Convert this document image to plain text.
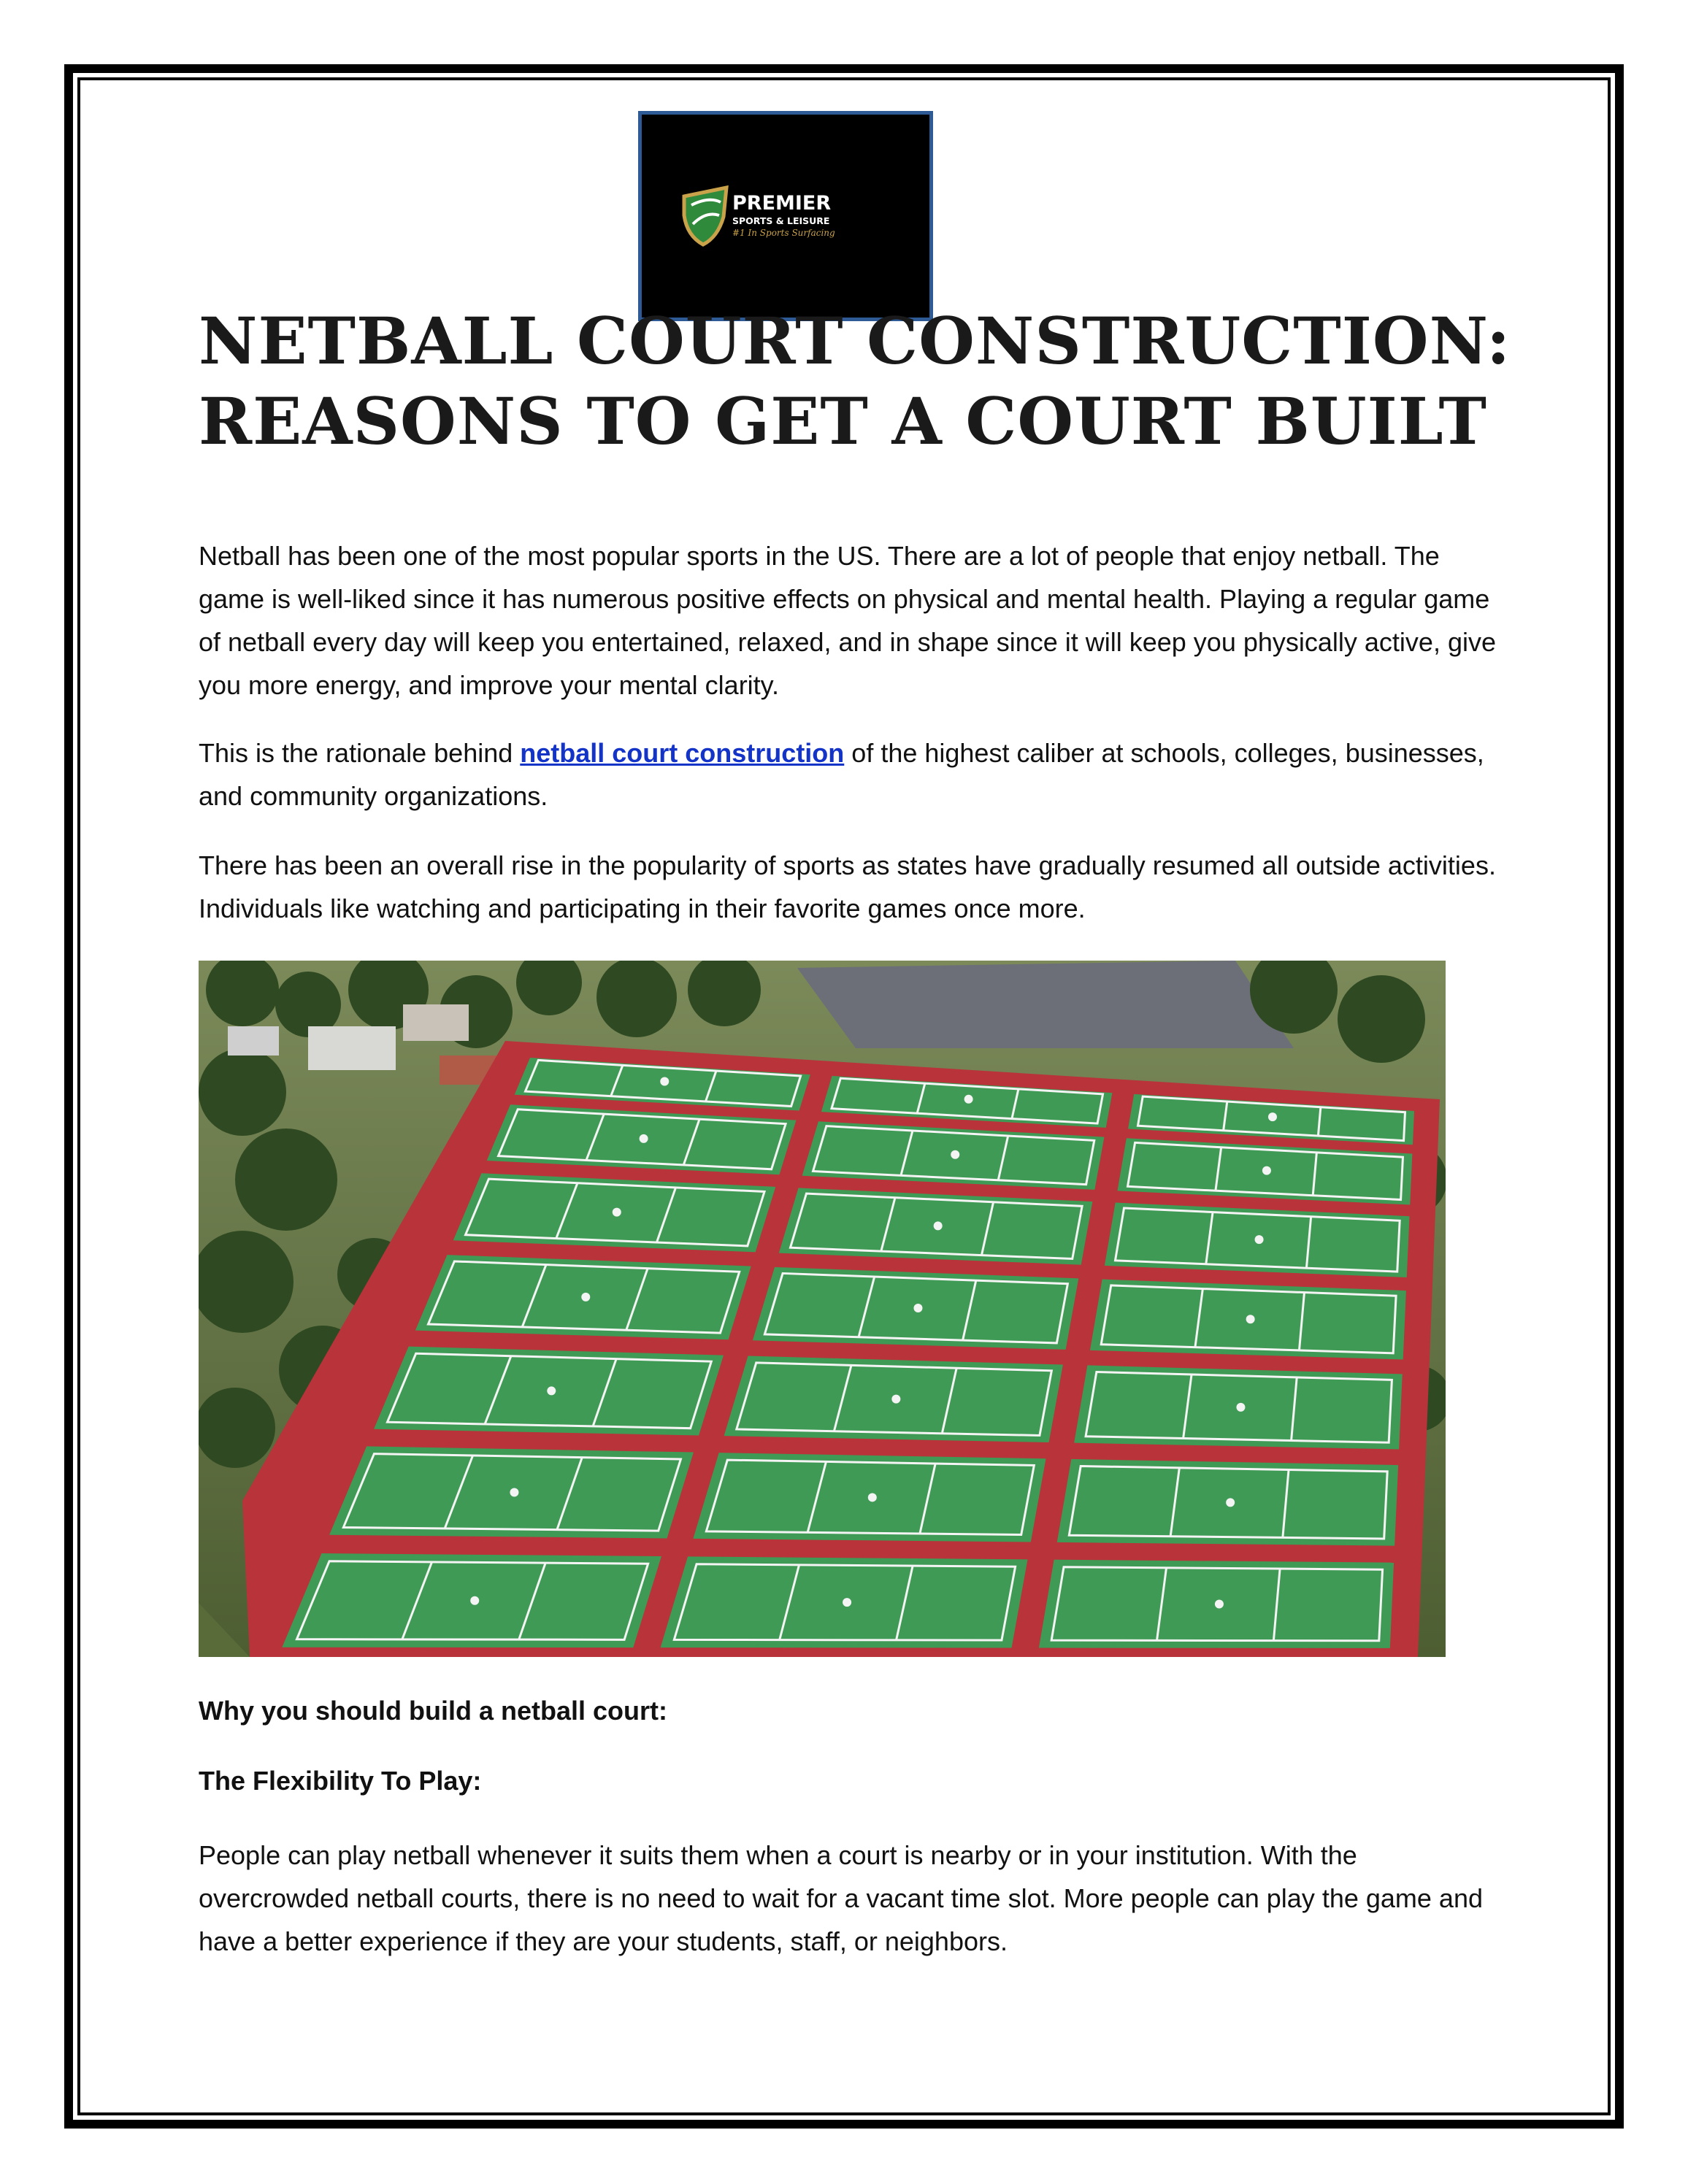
PREMIER
SPORTS & LEISURE
#1 In Sports Surfacing
NETBALL COURT CONSTRUCTION:
REASONS TO GET A COURT BUILT

Netball has been one of the most popular sports in the US. There are a lot of people that enjoy netball. The game is well-liked since it has numerous positive effects on physical and mental health. Playing a regular game of netball every day will keep you entertained, relaxed, and in shape since it will keep you physically active, give you more energy, and improve your mental clarity.

This is the rationale behind netball court construction of the highest caliber at schools, colleges, businesses, and community organizations.

There has been an overall rise in the popularity of sports as states have gradually resumed all outside activities. Individuals like watching and participating in their favorite games once more.

Why you should build a netball court:

The Flexibility To Play:

People can play netball whenever it suits them when a court is nearby or in your institution. With the overcrowded netball courts, there is no need to wait for a vacant time slot. More people can play the game and have a better experience if they are your students, staff, or neighbors.
